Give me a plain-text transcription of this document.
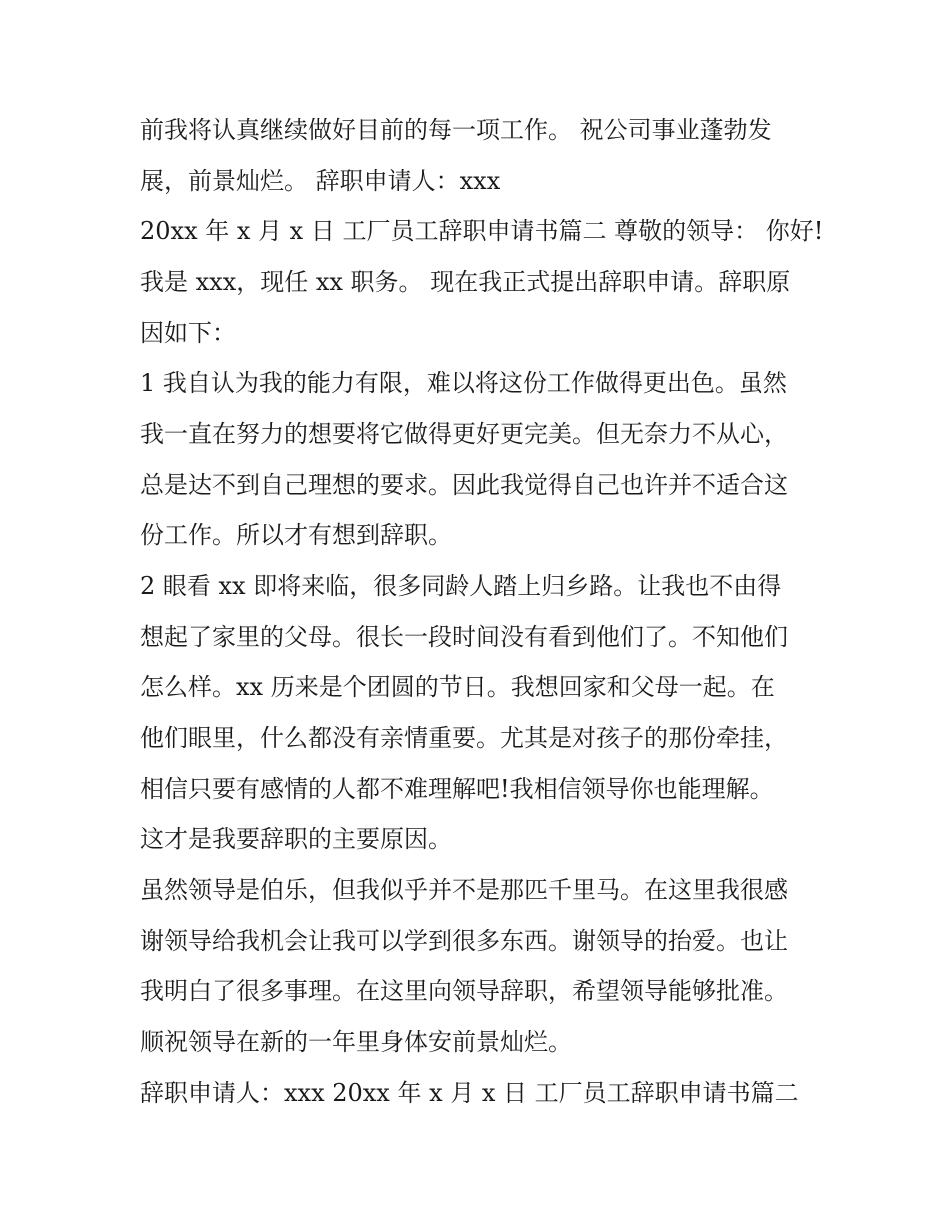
前我将认真继续做好目前的每一项工作。 祝公司事业蓬勃发
展，前景灿烂。 辞职申请人：xxx
20xx 年 x 月 x 日 工厂员工辞职申请书篇二 尊敬的领导： 你好!
我是 xxx，现任 xx 职务。 现在我正式提出辞职申请。辞职原
因如下：
1 我自认为我的能力有限，难以将这份工作做得更出色。虽然
我一直在努力的想要将它做得更好更完美。但无奈力不从心，
总是达不到自己理想的要求。因此我觉得自己也许并不适合这
份工作。所以才有想到辞职。
2 眼看 xx 即将来临，很多同龄人踏上归乡路。让我也不由得
想起了家里的父母。很长一段时间没有看到他们了。不知他们
怎么样。xx 历来是个团圆的节日。我想回家和父母一起。在
他们眼里，什么都没有亲情重要。尤其是对孩子的那份牵挂，
相信只要有感情的人都不难理解吧!我相信领导你也能理解。
这才是我要辞职的主要原因。
虽然领导是伯乐，但我似乎并不是那匹千里马。在这里我很感
谢领导给我机会让我可以学到很多东西。谢领导的抬爱。也让
我明白了很多事理。在这里向领导辞职，希望领导能够批准。
顺祝领导在新的一年里身体安前景灿烂。
辞职申请人：xxx 20xx 年 x 月 x 日 工厂员工辞职申请书篇二
